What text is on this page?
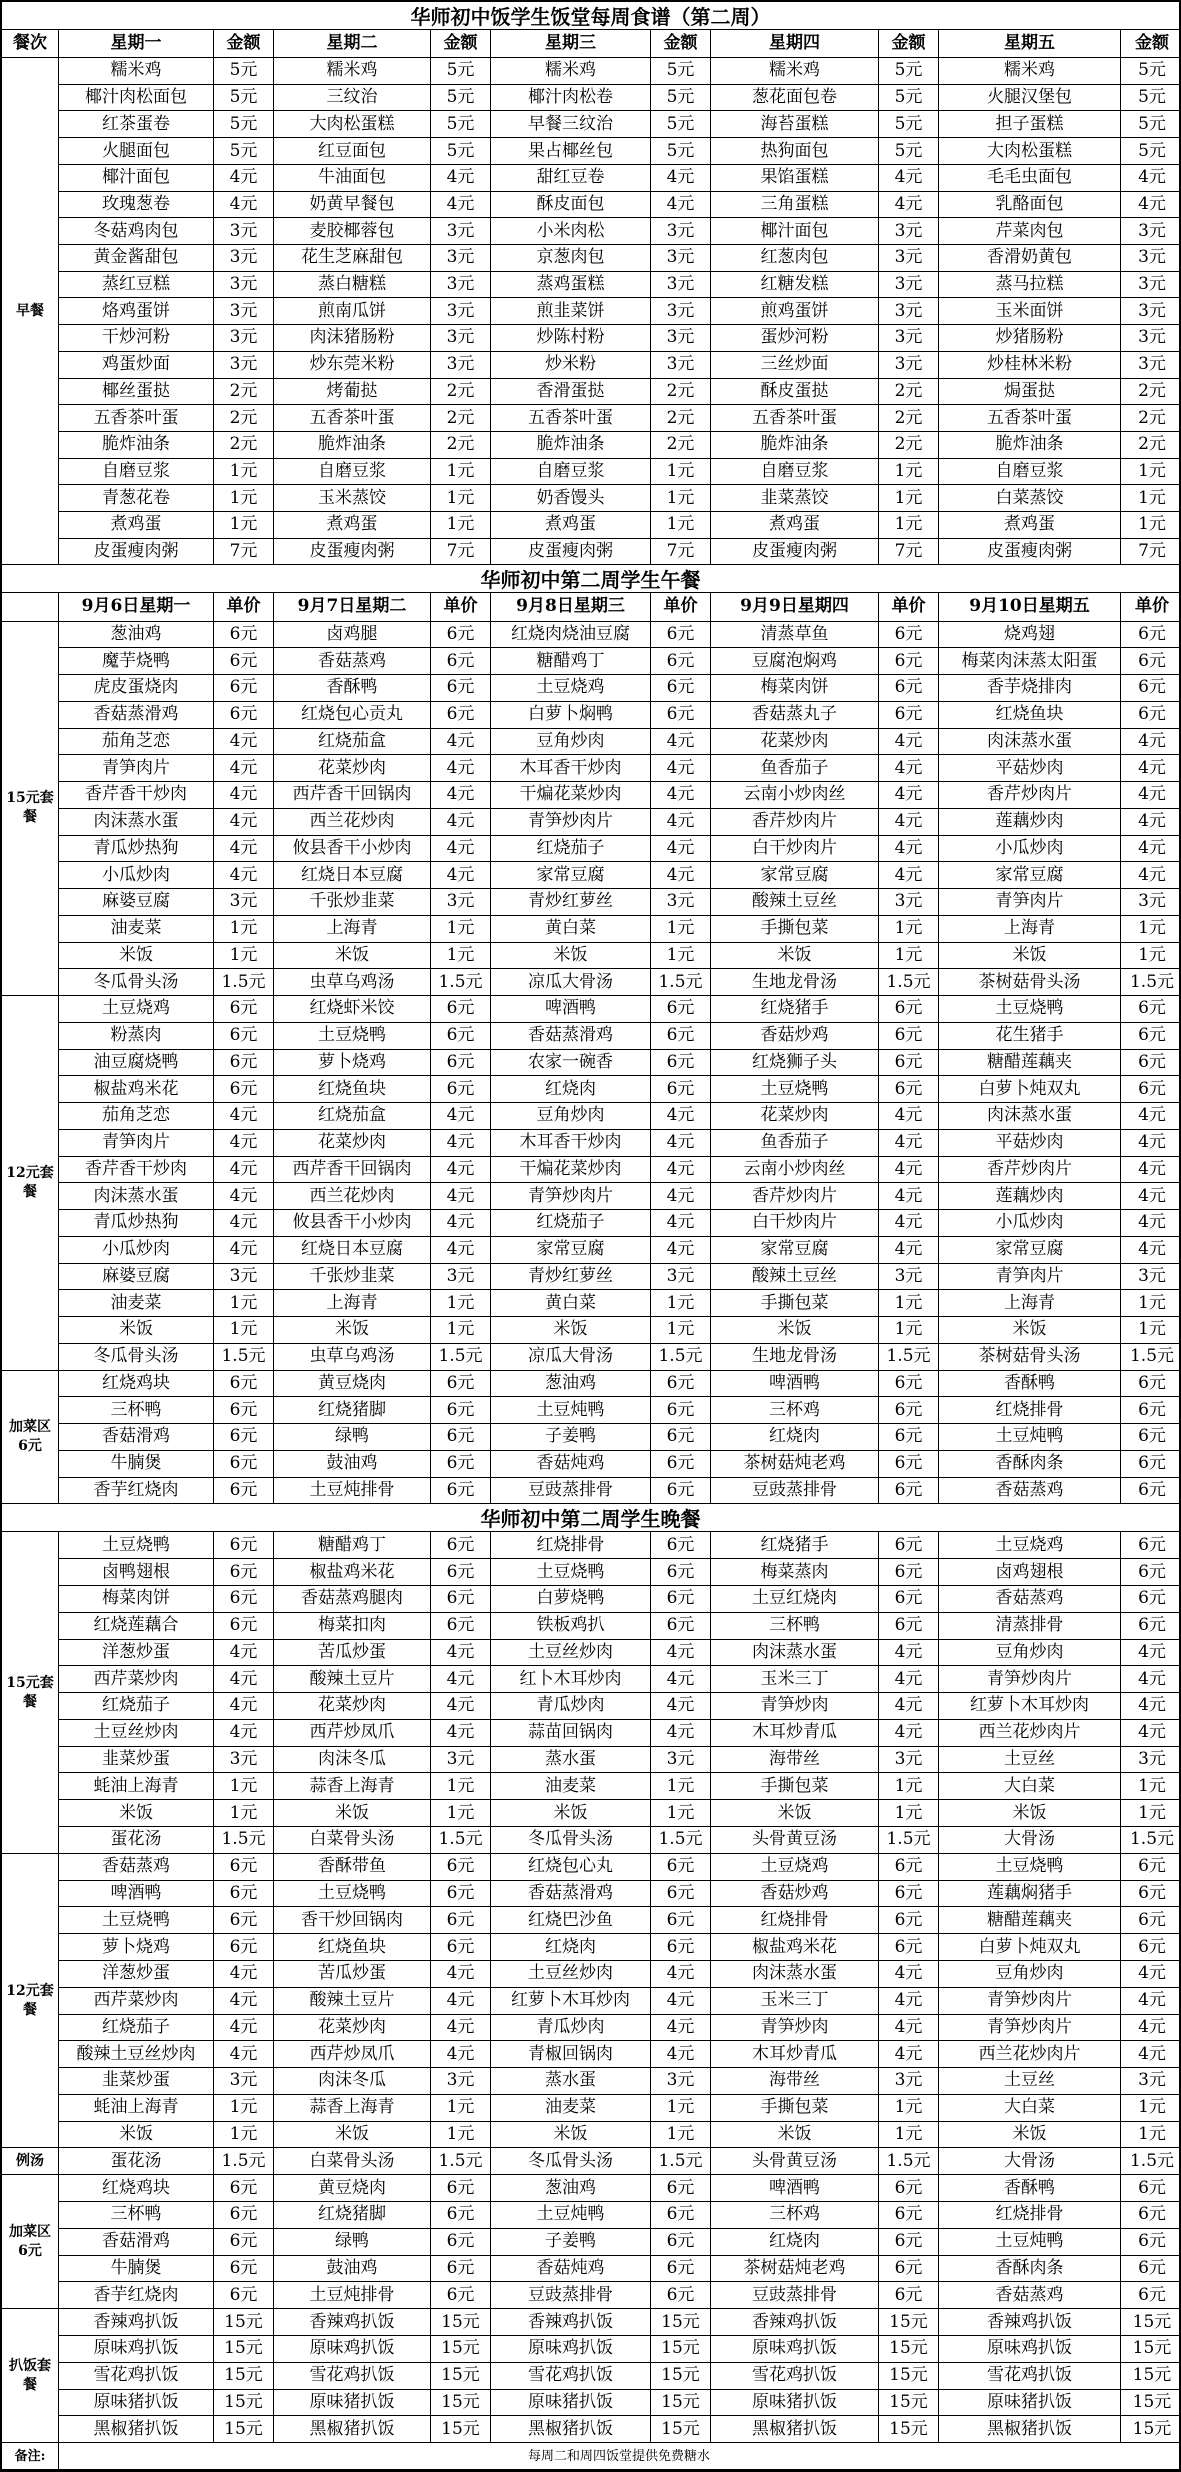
华师初中饭学生饭堂每周食谱（第二周）
餐次	星期一	金额	星期二	金额	星期三	金额	星期四	金额	星期五	金额
早餐
糯米鸡	5元	糯米鸡	5元	糯米鸡	5元	糯米鸡	5元	糯米鸡	5元
椰汁肉松面包	5元	三纹治	5元	椰汁肉松卷	5元	葱花面包卷	5元	火腿汉堡包	5元
红茶蛋卷	5元	大肉松蛋糕	5元	早餐三纹治	5元	海苔蛋糕	5元	担子蛋糕	5元
火腿面包	5元	红豆面包	5元	果占椰丝包	5元	热狗面包	5元	大肉松蛋糕	5元
椰汁面包	4元	牛油面包	4元	甜红豆卷	4元	果馅蛋糕	4元	毛毛虫面包	4元
玫瑰葱卷	4元	奶黄早餐包	4元	酥皮面包	4元	三角蛋糕	4元	乳酪面包	4元
冬菇鸡肉包	3元	麦胶椰蓉包	3元	小米肉松	3元	椰汁面包	3元	芹菜肉包	3元
黄金酱甜包	3元	花生芝麻甜包	3元	京葱肉包	3元	红葱肉包	3元	香滑奶黄包	3元
蒸红豆糕	3元	蒸白糖糕	3元	蒸鸡蛋糕	3元	红糖发糕	3元	蒸马拉糕	3元
烙鸡蛋饼	3元	煎南瓜饼	3元	煎韭菜饼	3元	煎鸡蛋饼	3元	玉米面饼	3元
干炒河粉	3元	肉沫猪肠粉	3元	炒陈村粉	3元	蛋炒河粉	3元	炒猪肠粉	3元
鸡蛋炒面	3元	炒东莞米粉	3元	炒米粉	3元	三丝炒面	3元	炒桂林米粉	3元
椰丝蛋挞	2元	烤葡挞	2元	香滑蛋挞	2元	酥皮蛋挞	2元	焗蛋挞	2元
五香茶叶蛋	2元	五香茶叶蛋	2元	五香茶叶蛋	2元	五香茶叶蛋	2元	五香茶叶蛋	2元
脆炸油条	2元	脆炸油条	2元	脆炸油条	2元	脆炸油条	2元	脆炸油条	2元
自磨豆浆	1元	自磨豆浆	1元	自磨豆浆	1元	自磨豆浆	1元	自磨豆浆	1元
青葱花卷	1元	玉米蒸饺	1元	奶香馒头	1元	韭菜蒸饺	1元	白菜蒸饺	1元
煮鸡蛋	1元	煮鸡蛋	1元	煮鸡蛋	1元	煮鸡蛋	1元	煮鸡蛋	1元
皮蛋瘦肉粥	7元	皮蛋瘦肉粥	7元	皮蛋瘦肉粥	7元	皮蛋瘦肉粥	7元	皮蛋瘦肉粥	7元
华师初中第二周学生午餐
9月6日星期一	单价	9月7日星期二	单价	9月8日星期三	单价	9月9日星期四	单价	9月10日星期五	单价
15元套餐
葱油鸡	6元	卤鸡腿	6元	红烧肉烧油豆腐	6元	清蒸草鱼	6元	烧鸡翅	6元
魔芋烧鸭	6元	香菇蒸鸡	6元	糖醋鸡丁	6元	豆腐泡焖鸡	6元	梅菜肉沫蒸太阳蛋	6元
虎皮蛋烧肉	6元	香酥鸭	6元	土豆烧鸡	6元	梅菜肉饼	6元	香芋烧排肉	6元
香菇蒸滑鸡	6元	红烧包心贡丸	6元	白萝卜焖鸭	6元	香菇蒸丸子	6元	红烧鱼块	6元
茄角芝恋	4元	红烧茄盒	4元	豆角炒肉	4元	花菜炒肉	4元	肉沫蒸水蛋	4元
青笋肉片	4元	花菜炒肉	4元	木耳香干炒肉	4元	鱼香茄子	4元	平菇炒肉	4元
香芹香干炒肉	4元	西芹香干回锅肉	4元	干煸花菜炒肉	4元	云南小炒肉丝	4元	香芹炒肉片	4元
肉沫蒸水蛋	4元	西兰花炒肉	4元	青笋炒肉片	4元	香芹炒肉片	4元	莲藕炒肉	4元
青瓜炒热狗	4元	攸县香干小炒肉	4元	红烧茄子	4元	白干炒肉片	4元	小瓜炒肉	4元
小瓜炒肉	4元	红烧日本豆腐	4元	家常豆腐	4元	家常豆腐	4元	家常豆腐	4元
麻婆豆腐	3元	千张炒韭菜	3元	青炒红萝丝	3元	酸辣土豆丝	3元	青笋肉片	3元
油麦菜	1元	上海青	1元	黄白菜	1元	手撕包菜	1元	上海青	1元
米饭	1元	米饭	1元	米饭	1元	米饭	1元	米饭	1元
冬瓜骨头汤	1.5元	虫草乌鸡汤	1.5元	凉瓜大骨汤	1.5元	生地龙骨汤	1.5元	茶树菇骨头汤	1.5元
12元套餐
土豆烧鸡	6元	红烧虾米饺	6元	啤酒鸭	6元	红烧猪手	6元	土豆烧鸭	6元
粉蒸肉	6元	土豆烧鸭	6元	香菇蒸滑鸡	6元	香菇炒鸡	6元	花生猪手	6元
油豆腐烧鸭	6元	萝卜烧鸡	6元	农家一碗香	6元	红烧狮子头	6元	糖醋莲藕夹	6元
椒盐鸡米花	6元	红烧鱼块	6元	红烧肉	6元	土豆烧鸭	6元	白萝卜炖双丸	6元
茄角芝恋	4元	红烧茄盒	4元	豆角炒肉	4元	花菜炒肉	4元	肉沫蒸水蛋	4元
青笋肉片	4元	花菜炒肉	4元	木耳香干炒肉	4元	鱼香茄子	4元	平菇炒肉	4元
香芹香干炒肉	4元	西芹香干回锅肉	4元	干煸花菜炒肉	4元	云南小炒肉丝	4元	香芹炒肉片	4元
肉沫蒸水蛋	4元	西兰花炒肉	4元	青笋炒肉片	4元	香芹炒肉片	4元	莲藕炒肉	4元
青瓜炒热狗	4元	攸县香干小炒肉	4元	红烧茄子	4元	白干炒肉片	4元	小瓜炒肉	4元
小瓜炒肉	4元	红烧日本豆腐	4元	家常豆腐	4元	家常豆腐	4元	家常豆腐	4元
麻婆豆腐	3元	千张炒韭菜	3元	青炒红萝丝	3元	酸辣土豆丝	3元	青笋肉片	3元
油麦菜	1元	上海青	1元	黄白菜	1元	手撕包菜	1元	上海青	1元
米饭	1元	米饭	1元	米饭	1元	米饭	1元	米饭	1元
冬瓜骨头汤	1.5元	虫草乌鸡汤	1.5元	凉瓜大骨汤	1.5元	生地龙骨汤	1.5元	茶树菇骨头汤	1.5元
加菜区6元
红烧鸡块	6元	黄豆烧肉	6元	葱油鸡	6元	啤酒鸭	6元	香酥鸭	6元
三杯鸭	6元	红烧猪脚	6元	土豆炖鸭	6元	三杯鸡	6元	红烧排骨	6元
香菇滑鸡	6元	绿鸭	6元	子姜鸭	6元	红烧肉	6元	土豆炖鸭	6元
牛腩煲	6元	鼓油鸡	6元	香菇炖鸡	6元	茶树菇炖老鸡	6元	香酥肉条	6元
香芋红烧肉	6元	土豆炖排骨	6元	豆豉蒸排骨	6元	豆豉蒸排骨	6元	香菇蒸鸡	6元
华师初中第二周学生晚餐
15元套餐
土豆烧鸭	6元	糖醋鸡丁	6元	红烧排骨	6元	红烧猪手	6元	土豆烧鸡	6元
卤鸭翅根	6元	椒盐鸡米花	6元	土豆烧鸭	6元	梅菜蒸肉	6元	卤鸡翅根	6元
梅菜肉饼	6元	香菇蒸鸡腿肉	6元	白萝烧鸭	6元	土豆红烧肉	6元	香菇蒸鸡	6元
红烧莲藕合	6元	梅菜扣肉	6元	铁板鸡扒	6元	三杯鸭	6元	清蒸排骨	6元
洋葱炒蛋	4元	苦瓜炒蛋	4元	土豆丝炒肉	4元	肉沫蒸水蛋	4元	豆角炒肉	4元
西芹菜炒肉	4元	酸辣土豆片	4元	红卜木耳炒肉	4元	玉米三丁	4元	青笋炒肉片	4元
红烧茄子	4元	花菜炒肉	4元	青瓜炒肉	4元	青笋炒肉	4元	红萝卜木耳炒肉	4元
土豆丝炒肉	4元	西芹炒凤爪	4元	蒜苗回锅肉	4元	木耳炒青瓜	4元	西兰花炒肉片	4元
韭菜炒蛋	3元	肉沫冬瓜	3元	蒸水蛋	3元	海带丝	3元	土豆丝	3元
蚝油上海青	1元	蒜香上海青	1元	油麦菜	1元	手撕包菜	1元	大白菜	1元
米饭	1元	米饭	1元	米饭	1元	米饭	1元	米饭	1元
蛋花汤	1.5元	白菜骨头汤	1.5元	冬瓜骨头汤	1.5元	头骨黄豆汤	1.5元	大骨汤	1.5元
12元套餐
香菇蒸鸡	6元	香酥带鱼	6元	红烧包心丸	6元	土豆烧鸡	6元	土豆烧鸭	6元
啤酒鸭	6元	土豆烧鸭	6元	香菇蒸滑鸡	6元	香菇炒鸡	6元	莲藕焖猪手	6元
土豆烧鸭	6元	香干炒回锅肉	6元	红烧巴沙鱼	6元	红烧排骨	6元	糖醋莲藕夹	6元
萝卜烧鸡	6元	红烧鱼块	6元	红烧肉	6元	椒盐鸡米花	6元	白萝卜炖双丸	6元
洋葱炒蛋	4元	苦瓜炒蛋	4元	土豆丝炒肉	4元	肉沫蒸水蛋	4元	豆角炒肉	4元
西芹菜炒肉	4元	酸辣土豆片	4元	红萝卜木耳炒肉	4元	玉米三丁	4元	青笋炒肉片	4元
红烧茄子	4元	花菜炒肉	4元	青瓜炒肉	4元	青笋炒肉	4元	青笋炒肉片	4元
酸辣土豆丝炒肉	4元	西芹炒凤爪	4元	青椒回锅肉	4元	木耳炒青瓜	4元	西兰花炒肉片	4元
韭菜炒蛋	3元	肉沫冬瓜	3元	蒸水蛋	3元	海带丝	3元	土豆丝	3元
蚝油上海青	1元	蒜香上海青	1元	油麦菜	1元	手撕包菜	1元	大白菜	1元
米饭	1元	米饭	1元	米饭	1元	米饭	1元	米饭	1元
例汤	蛋花汤	1.5元	白菜骨头汤	1.5元	冬瓜骨头汤	1.5元	头骨黄豆汤	1.5元	大骨汤	1.5元
加菜区6元
红烧鸡块	6元	黄豆烧肉	6元	葱油鸡	6元	啤酒鸭	6元	香酥鸭	6元
三杯鸭	6元	红烧猪脚	6元	土豆炖鸭	6元	三杯鸡	6元	红烧排骨	6元
香菇滑鸡	6元	绿鸭	6元	子姜鸭	6元	红烧肉	6元	土豆炖鸭	6元
牛腩煲	6元	鼓油鸡	6元	香菇炖鸡	6元	茶树菇炖老鸡	6元	香酥肉条	6元
香芋红烧肉	6元	土豆炖排骨	6元	豆豉蒸排骨	6元	豆豉蒸排骨	6元	香菇蒸鸡	6元
扒饭套餐
香辣鸡扒饭	15元	香辣鸡扒饭	15元	香辣鸡扒饭	15元	香辣鸡扒饭	15元	香辣鸡扒饭	15元
原味鸡扒饭	15元	原味鸡扒饭	15元	原味鸡扒饭	15元	原味鸡扒饭	15元	原味鸡扒饭	15元
雪花鸡扒饭	15元	雪花鸡扒饭	15元	雪花鸡扒饭	15元	雪花鸡扒饭	15元	雪花鸡扒饭	15元
原味猪扒饭	15元	原味猪扒饭	15元	原味猪扒饭	15元	原味猪扒饭	15元	原味猪扒饭	15元
黑椒猪扒饭	15元	黑椒猪扒饭	15元	黑椒猪扒饭	15元	黑椒猪扒饭	15元	黑椒猪扒饭	15元
备注:	每周二和周四饭堂提供免费糖水
